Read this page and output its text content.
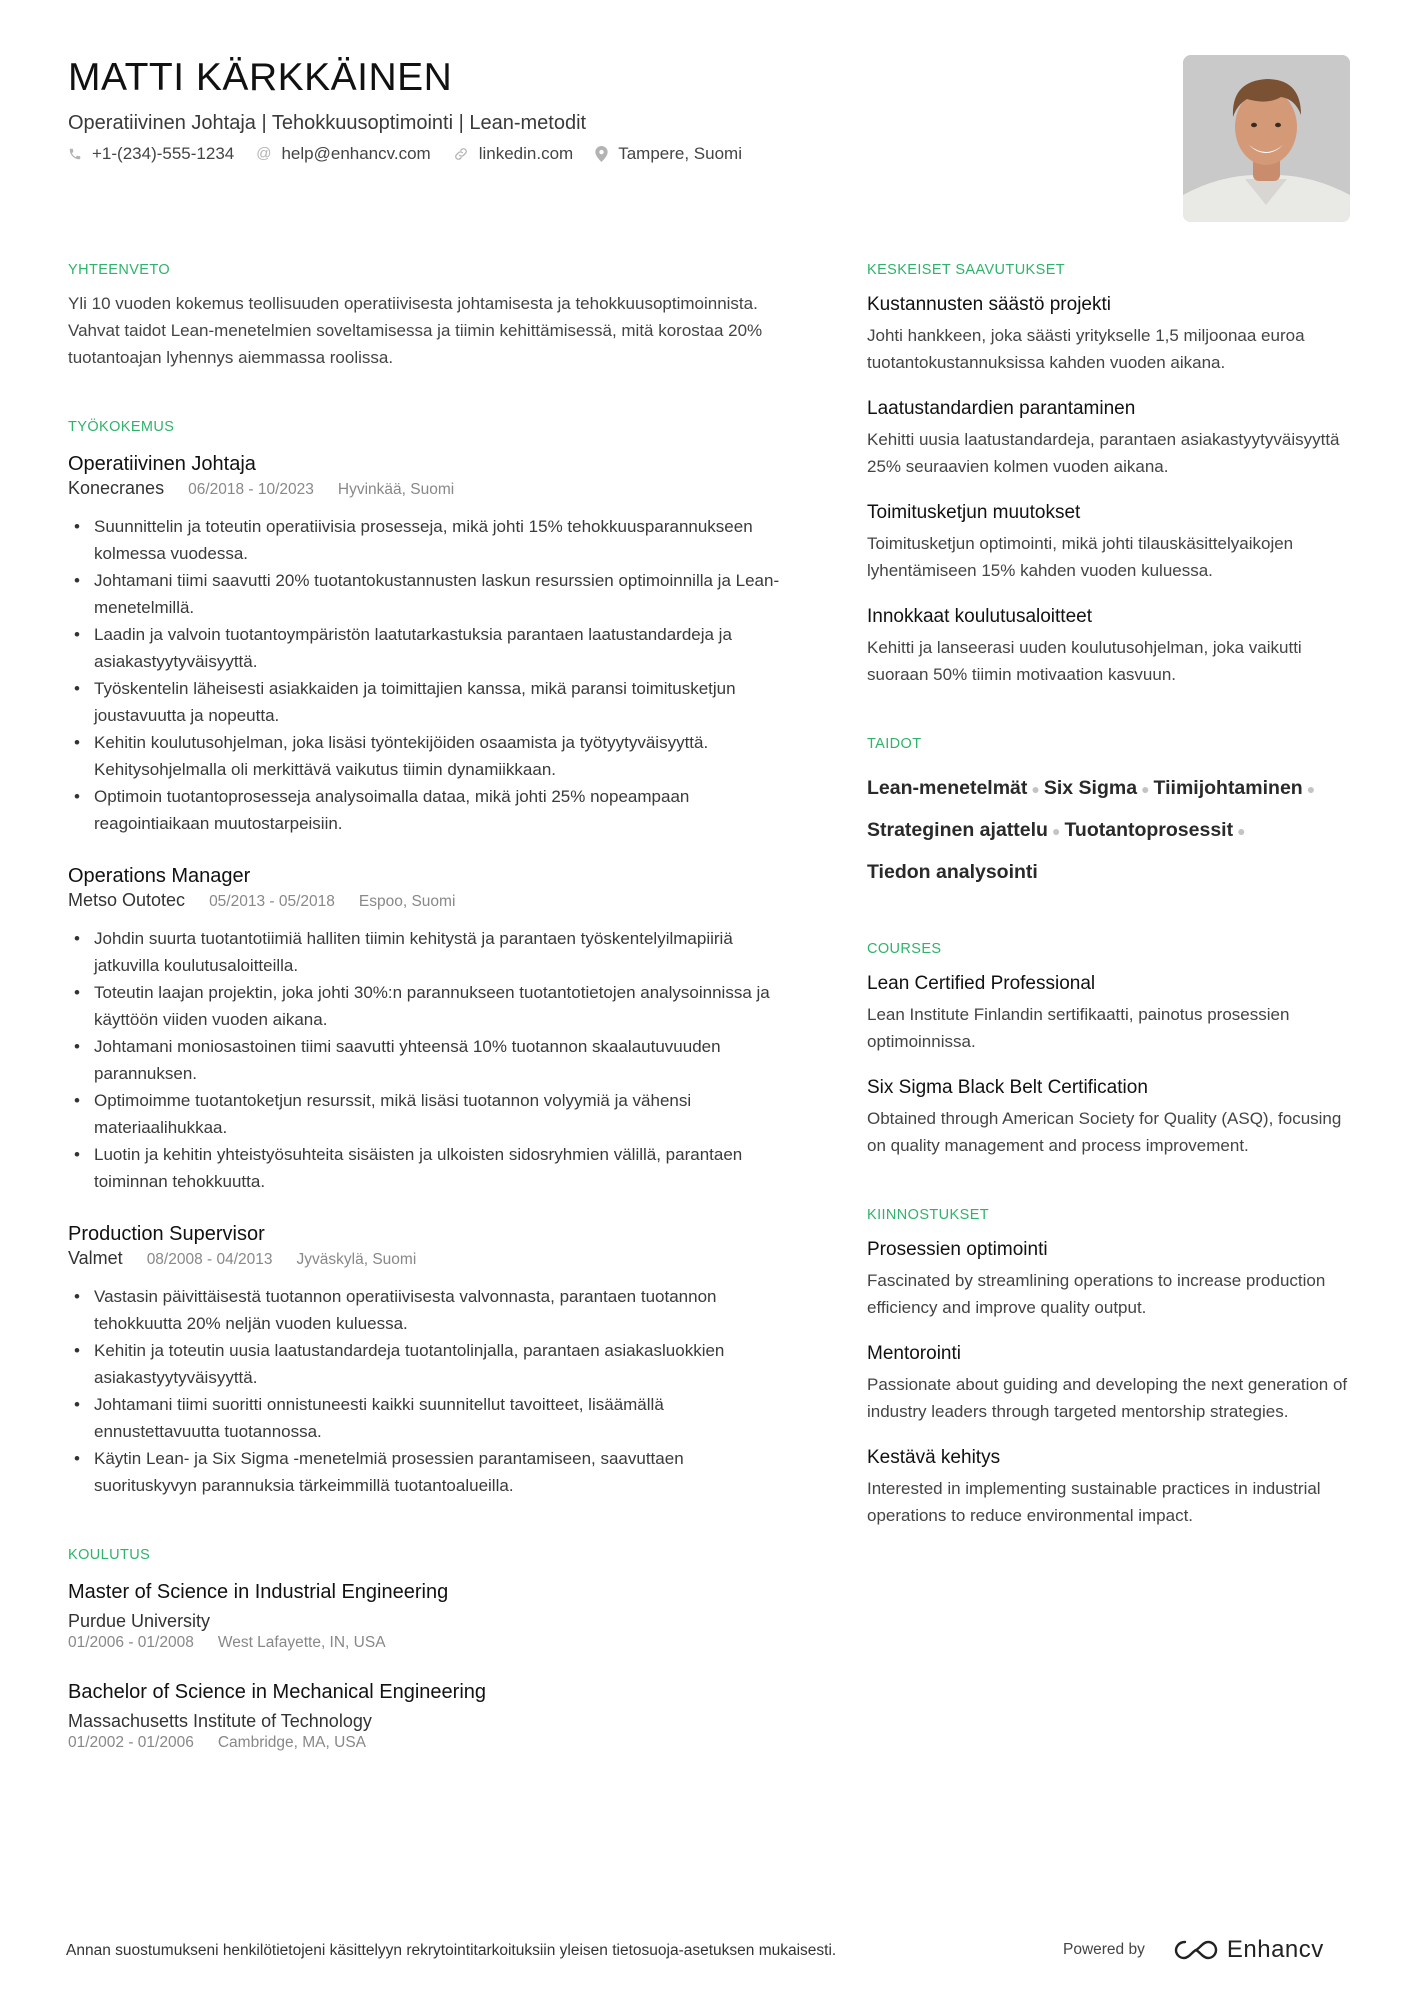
MATTI KÄRKKÄINEN
Operatiivinen Johtaja | Tehokkuusoptimointi | Lean-metodit
+1-(234)-555-1234 @ help@enhancv.com	linkedin.com	Tampere, Suomi
YHTEENVETO
Yli 10 vuoden kokemus teollisuuden operatiivisesta johtamisesta ja tehokkuusoptimoinnista. Vahvat taidot Lean-menetelmien soveltamisessa ja tiimin kehittämisessä, mitä korostaa 20% tuotantoajan lyhennys aiemmassa roolissa.
TYÖKOKEMUS
Operatiivinen Johtaja
Konecranes 06/2018 - 10/2023 Hyvinkää, Suomi
• Suunnittelin ja toteutin operatiivisia prosesseja, mikä johti 15% tehokkuusparannukseen kolmessa vuodessa.
• Johtamani tiimi saavutti 20% tuotantokustannusten laskun resurssien optimoinnilla ja Lean-menetelmillä.
• Laadin ja valvoin tuotantoympäristön laatutarkastuksia parantaen laatustandardeja ja asiakastyytyväisyyttä.
• Työskentelin läheisesti asiakkaiden ja toimittajien kanssa, mikä paransi toimitusketjun joustavuutta ja nopeutta.
• Kehitin koulutusohjelman, joka lisäsi työntekijöiden osaamista ja työtyytyväisyyttä. Kehitysohjelmalla oli merkittävä vaikutus tiimin dynamiikkaan.
• Optimoin tuotantoprosesseja analysoimalla dataa, mikä johti 25% nopeampaan reagointiaikaan muutostarpeisiin.
Operations Manager
Metso Outotec 05/2013 - 05/2018 Espoo, Suomi
• Johdin suurta tuotantotiimiä halliten tiimin kehitystä ja parantaen työskentelyilmapiiriä jatkuvilla koulutusaloitteilla.
• Toteutin laajan projektin, joka johti 30%:n parannukseen tuotantotietojen analysoinnissa ja käyttöön viiden vuoden aikana.
• Johtamani moniosastoinen tiimi saavutti yhteensä 10% tuotannon skaalautuvuuden parannuksen.
• Optimoimme tuotantoketjun resurssit, mikä lisäsi tuotannon volyymiä ja vähensi materiaalihukkaa.
• Luotin ja kehitin yhteistyösuhteita sisäisten ja ulkoisten sidosryhmien välillä, parantaen toiminnan tehokkuutta.
Production Supervisor
Valmet 08/2008 - 04/2013 Jyväskylä, Suomi
• Vastasin päivittäisestä tuotannon operatiivisesta valvonnasta, parantaen tuotannon tehokkuutta 20% neljän vuoden kuluessa.
• Kehitin ja toteutin uusia laatustandardeja tuotantolinjalla, parantaen asiakasluokkien asiakastyytyväisyyttä.
• Johtamani tiimi suoritti onnistuneesti kaikki suunnitellut tavoitteet, lisäämällä ennustettavuutta tuotannossa.
• Käytin Lean- ja Six Sigma -menetelmiä prosessien parantamiseen, saavuttaen suorituskyvyn parannuksia tärkeimmillä tuotantoalueilla.
KOULUTUS
Master of Science in Industrial Engineering
Purdue University
01/2006 - 01/2008 West Lafayette, IN, USA
Bachelor of Science in Mechanical Engineering
Massachusetts Institute of Technology
01/2002 - 01/2006 Cambridge, MA, USA
KESKEISET SAAVUTUKSET
Kustannusten säästö projekti
Johti hankkeen, joka säästi yritykselle 1,5 miljoonaa euroa tuotantokustannuksissa kahden vuoden aikana.
Laatustandardien parantaminen
Kehitti uusia laatustandardeja, parantaen asiakastyytyväisyyttä 25% seuraavien kolmen vuoden aikana.
Toimitusketjun muutokset
Toimitusketjun optimointi, mikä johti tilauskäsittelyaikojen lyhentämiseen 15% kahden vuoden kuluessa.
Innokkaat koulutusaloitteet
Kehitti ja lanseerasi uuden koulutusohjelman, joka vaikutti suoraan 50% tiimin motivaation kasvuun.
TAIDOT
Lean-menetelmät ● Six Sigma ● Tiimijohtaminen ●
Strateginen ajattelu ● Tuotantoprosessit ●
Tiedon analysointi
COURSES
Lean Certified Professional
Lean Institute Finlandin sertifikaatti, painotus prosessien optimoinnissa.
Six Sigma Black Belt Certification
Obtained through American Society for Quality (ASQ), focusing on quality management and process improvement.
KIINNOSTUKSET
Prosessien optimointi
Fascinated by streamlining operations to increase production efficiency and improve quality output.
Mentorointi
Passionate about guiding and developing the next generation of industry leaders through targeted mentorship strategies.
Kestävä kehitys
Interested in implementing sustainable practices in industrial operations to reduce environmental impact.
Annan suostumukseni henkilötietojeni käsittelyyn rekrytointitarkoituksiin yleisen tietosuoja-asetuksen mukaisesti.	Powered by	Enhancv
